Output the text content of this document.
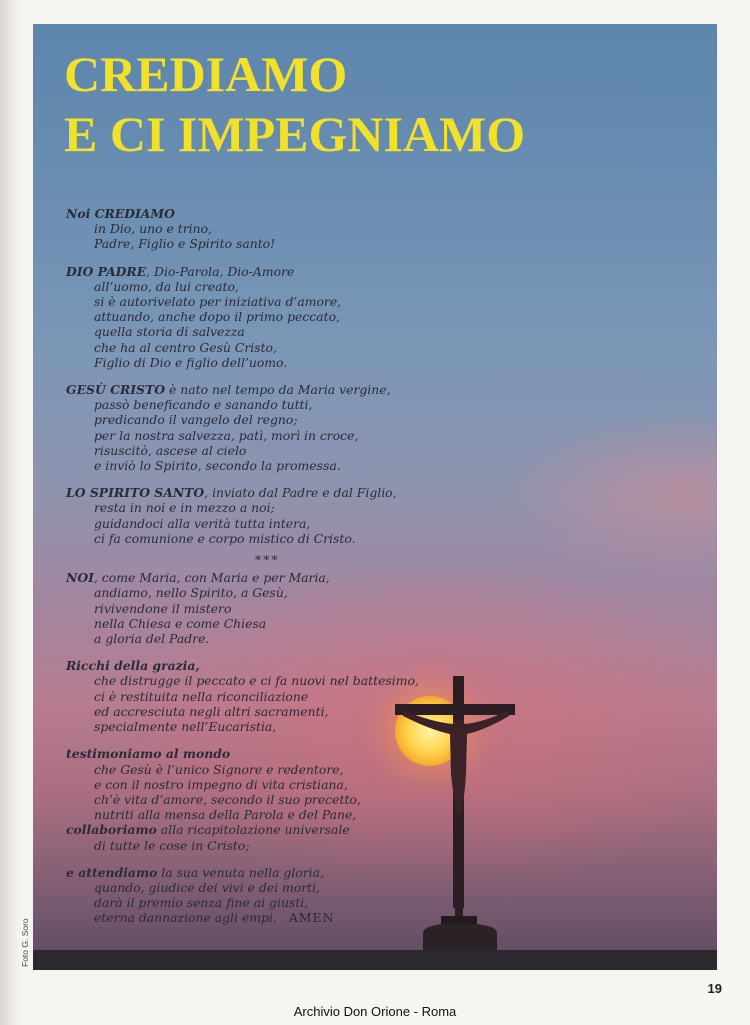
CREDIAMO
E CI IMPEGNIAMO
Noi CREDIAMO
in Dio, uno e trino,
Padre, Figlio e Spirito santo!
DIO PADRE, Dio-Parola, Dio-Amore
all’uomo, da lui creato,
si è autorivelato per iniziativa d’amore,
attuando, anche dopo il primo peccato,
quella storia di salvezza
che ha al centro Gesù Cristo,
Figlio di Dio e figlio dell’uomo.
GESÙ CRISTO è nato nel tempo da Maria vergine,
passò beneficando e sanando tutti,
predicando il vangelo del regno;
per la nostra salvezza, patì, morì in croce,
risuscitò, ascese al cielo
e inviò lo Spirito, secondo la promessa.
LO SPIRITO SANTO, inviato dal Padre e dal Figlio,
resta in noi e in mezzo a noi;
guidandoci alla verità tutta intera,
ci fa comunione e corpo mistico di Cristo.
***
NOI, come Maria, con Maria e per Maria,
andiamo, nello Spirito, a Gesù,
rivivendone il mistero
nella Chiesa e come Chiesa
a gloria del Padre.
Ricchi della grazia,
che distrugge il peccato e ci fa nuovi nel battesimo,
ci è restituita nella riconciliazione
ed accresciuta negli altri sacramenti,
specialmente nell’Eucaristia,
testimoniamo al mondo
che Gesù è l’unico Signore e redentore,
e con il nostro impegno di vita cristiana,
ch’è vita d’amore, secondo il suo precetto,
nutriti alla mensa della Parola e del Pane,
collaboriamo alla ricapitolazione universale
di tutte le cose in Cristo;
e attendiamo la sua venuta nella gloria,
quando, giudice dei vivi e dei morti,
darà il premio senza fine ai giusti,
eterna dannazione agli empi. AMEN
Foto G. Soro
19
Archivio Don Orione - Roma
